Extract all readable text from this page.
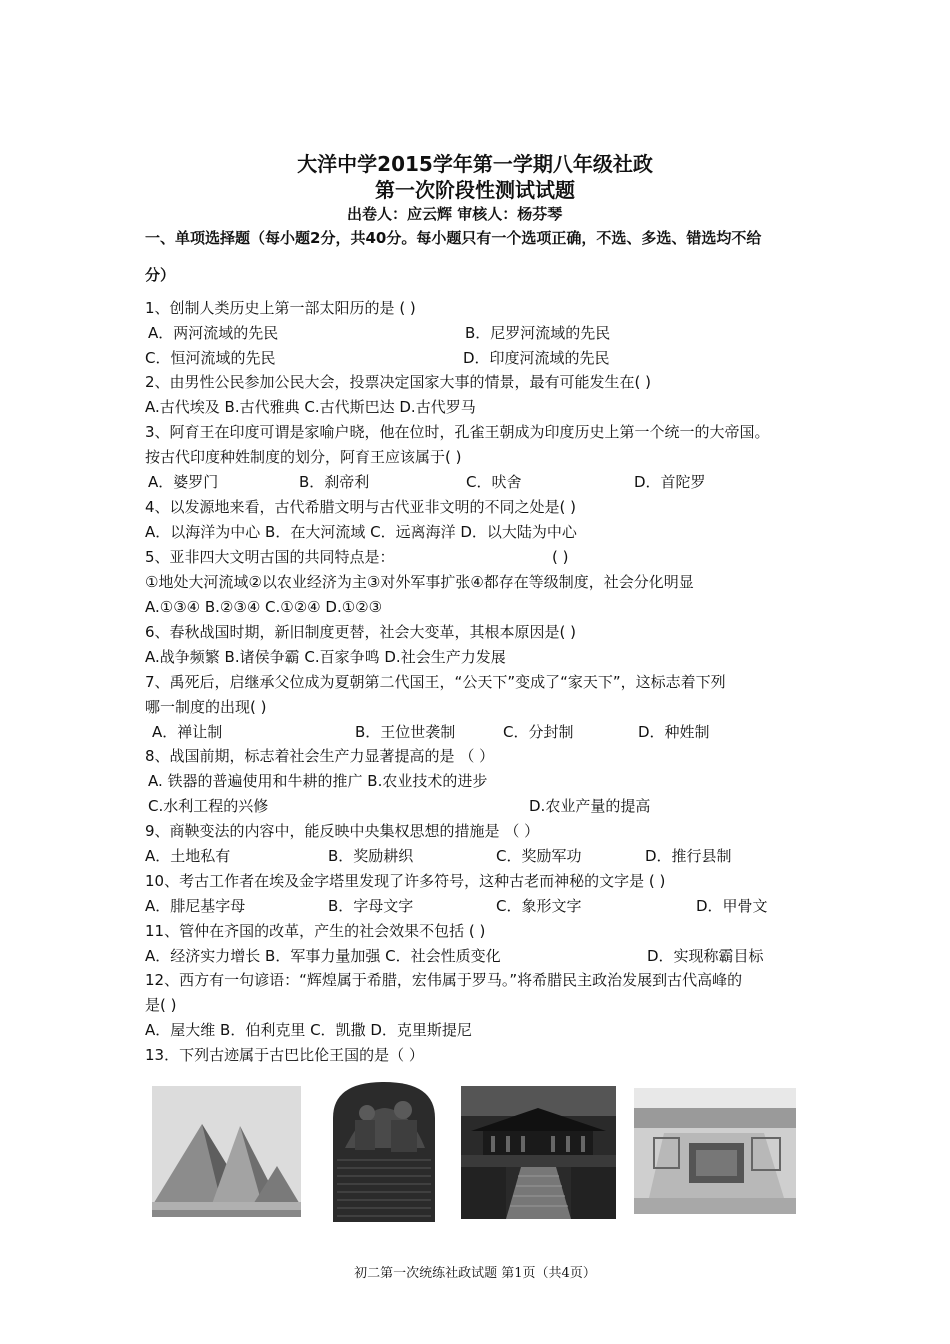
大洋中学2015学年第一学期八年级社政
第一次阶段性测试试题
出卷人：应云辉 审核人：杨芬琴
一、单项选择题（每小题2分，共40分。每小题只有一个选项正确，不选、多选、错选均不给
分）
1、创制人类历史上第一部太阳历的是 ( )
A．两河流域的先民	B．尼罗河流域的先民
C．恒河流域的先民	D．印度河流域的先民
2、由男性公民参加公民大会，投票决定国家大事的情景，最有可能发生在( )
A.古代埃及 B.古代雅典 C.古代斯巴达 D.古代罗马
3、阿育王在印度可谓是家喻户晓，他在位时，孔雀王朝成为印度历史上第一个统一的大帝国。
按古代印度种姓制度的划分，阿育王应该属于( )
A．婆罗门	B．刹帝利	C．吠舍	D．首陀罗
4、以发源地来看，古代希腊文明与古代亚非文明的不同之处是( )
A．以海洋为中心 B．在大河流域 C．远离海洋 D．以大陆为中心
5、亚非四大文明古国的共同特点是：	( )
①地处大河流域②以农业经济为主③对外军事扩张④都存在等级制度，社会分化明显
A.①③④ B.②③④ C.①②④ D.①②③
6、春秋战国时期，新旧制度更替，社会大变革，其根本原因是( )
A.战争频繁 B.诸侯争霸 C.百家争鸣 D.社会生产力发展
7、禹死后，启继承父位成为夏朝第二代国王，“公天下”变成了“家天下”，这标志着下列
哪一制度的出现( )
A．禅让制	B．王位世袭制	C．分封制	D．种姓制
8、战国前期，标志着社会生产力显著提高的是 （ ）
A. 铁器的普遍使用和牛耕的推广 B.农业技术的进步
C.水利工程的兴修	D.农业产量的提高
9、商鞅变法的内容中，能反映中央集权思想的措施是 （ ）
A．土地私有	B．奖励耕织	C．奖励军功	D．推行县制
10、考古工作者在埃及金字塔里发现了许多符号，这种古老而神秘的文字是 ( )
A．腓尼基字母	B．字母文字	C．象形文字	D．甲骨文
11、管仲在齐国的改革，产生的社会效果不包括 ( )
A．经济实力增长 B．军事力量加强 C．社会性质变化	D．实现称霸目标
12、西方有一句谚语：“辉煌属于希腊，宏伟属于罗马。”将希腊民主政治发展到古代高峰的
是( )
A．屋大维 B．伯利克里 C．凯撒 D．克里斯提尼
13．下列古迹属于古巴比伦王国的是（ ）
初二第一次统练社政试题 第1页（共4页）
